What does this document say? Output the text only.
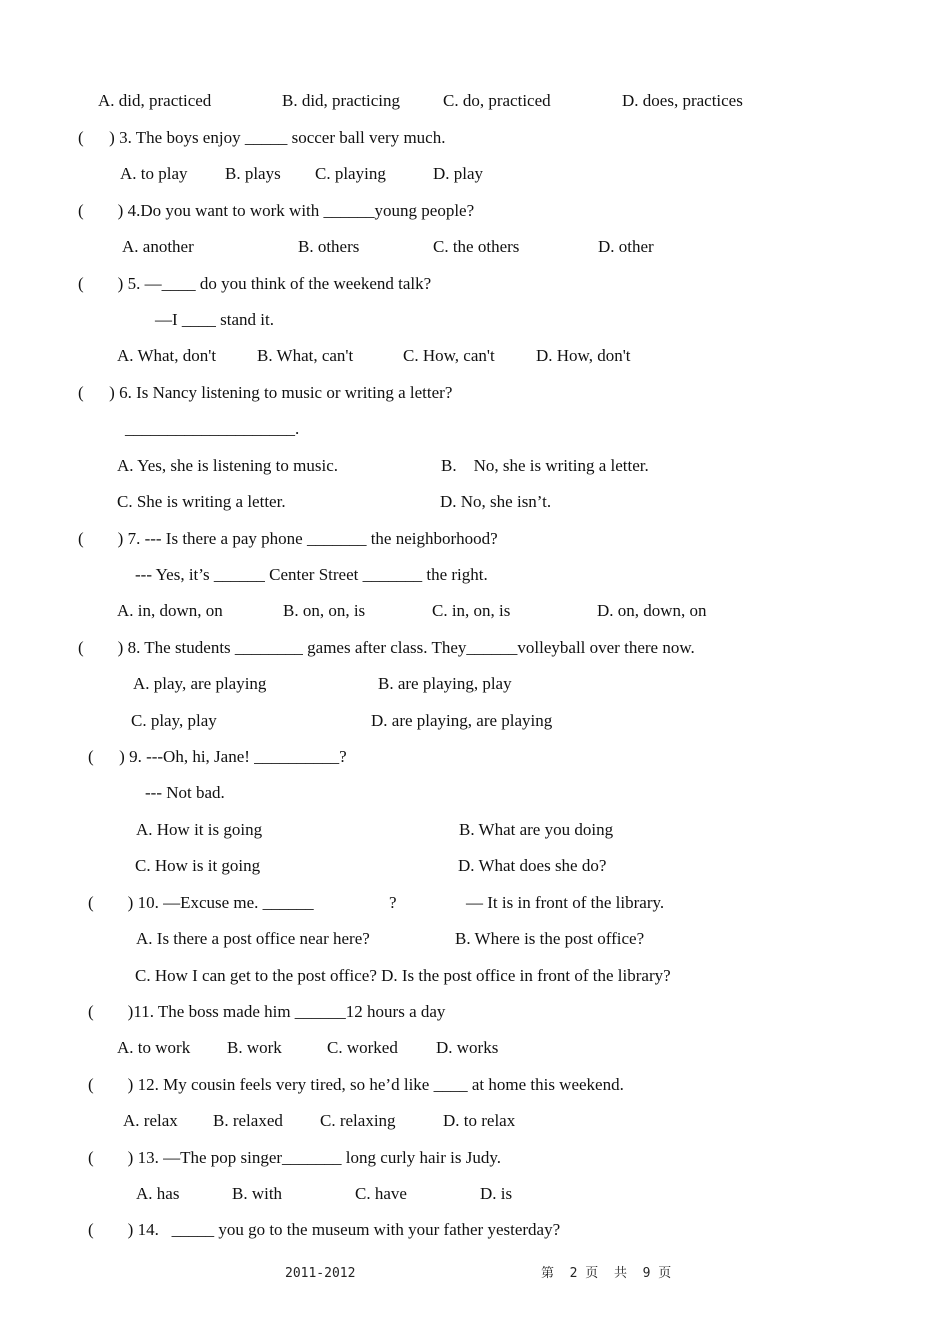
A. did, practiced	B. did, practicing	C. do, practiced	D. does, practices
(      ) 3. The boys enjoy _____ soccer ball very much.
A. to play B. plays C. playing	D. play
(        ) 4.Do you want to work with ______young people?
A. another	B. others	C. the others	D. other
(        ) 5. —____ do you think of the weekend talk?
—I ____ stand it.
A. What, don't B. What, can't	C. How, can't D. How, don't
(      ) 6. Is Nancy listening to music or writing a letter?
____________________.
A. Yes, she is listening to music.	B.    No, she is writing a letter.
C. She is writing a letter.	D. No, she isn’t.
(        ) 7. --- Is there a pay phone _______ the neighborhood?
--- Yes, it’s ______ Center Street _______ the right.
A. in, down, on	B. on, on, is	C. in, on, is	D. on, down, on
(        ) 8. The students ________ games after class. They______volleyball over there now.
A. play, are playing	B. are playing, play
C. play, play	D. are playing, are playing
(      ) 9. ---Oh, hi, Jane! __________?
--- Not bad.
A. How it is going	B. What are you doing
C. How is it going	D. What does she do?
(        ) 10. —Excuse me. ______	?	— It is in front of the library.
A. Is there a post office near here?	B. Where is the post office?
C. How I can get to the post office? D. Is the post office in front of the library?
(        )11. The boss made him ______12 hours a day
A. to work B. work	C. worked D. works
(        ) 12. My cousin feels very tired, so he’d like ____ at home this weekend.
A. relax B. relaxed C. relaxing	D. to relax
(        ) 13. —The pop singer_______ long curly hair is Judy.
A. has	B. with	C. have	D. is
(        ) 14.   _____ you go to the museum with your father yesterday?
2011-2012	第  2 页  共  9 页
